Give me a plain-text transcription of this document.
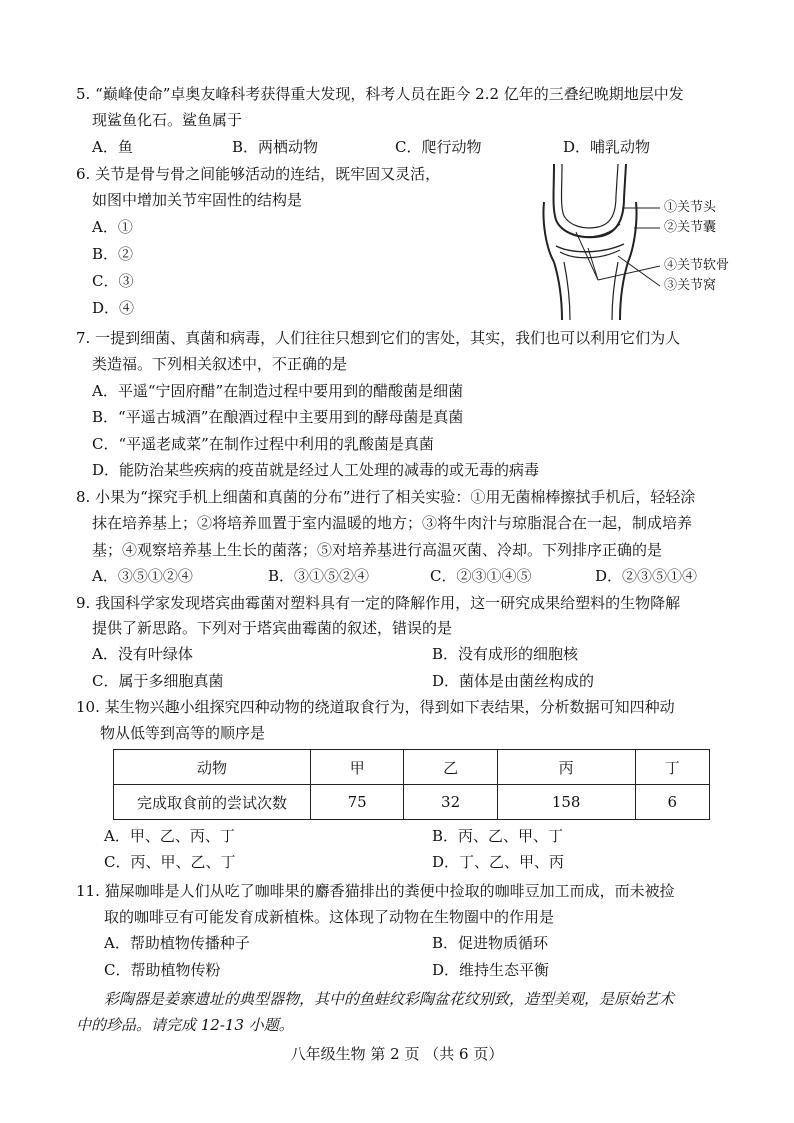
5. “巅峰使命”卓奥友峰科考获得重大发现，科考人员在距今 2.2 亿年的三叠纪晚期地层中发
现鲨鱼化石。鲨鱼属于
A．鱼	B．两栖动物	C．爬行动物	D．哺乳动物
6. 关节是骨与骨之间能够活动的连结，既牢固又灵活，
如图中增加关节牢固性的结构是
A．①
B．②
C．③
D．④
①关节头
②关节囊
④关节软骨
③关节窝
7. 一提到细菌、真菌和病毒，人们往往只想到它们的害处，其实，我们也可以利用它们为人
类造福。下列相关叙述中，不正确的是
A．平遥“宁固府醋”在制造过程中要用到的醋酸菌是细菌
B．“平遥古城酒”在酿酒过程中主要用到的酵母菌是真菌
C．“平遥老咸菜”在制作过程中利用的乳酸菌是真菌
D．能防治某些疾病的疫苗就是经过人工处理的减毒的或无毒的病毒
8. 小果为“探究手机上细菌和真菌的分布”进行了相关实验：①用无菌棉棒擦拭手机后，轻轻涂
抹在培养基上；②将培养皿置于室内温暖的地方；③将牛肉汁与琼脂混合在一起，制成培养
基；④观察培养基上生长的菌落；⑤对培养基进行高温灭菌、冷却。下列排序正确的是
A．③⑤①②④	B．③①⑤②④	C．②③①④⑤	D．②③⑤①④
9. 我国科学家发现塔宾曲霉菌对塑料具有一定的降解作用，这一研究成果给塑料的生物降解
提供了新思路。下列对于塔宾曲霉菌的叙述，错误的是
A．没有叶绿体	B．没有成形的细胞核
C．属于多细胞真菌	D．菌体是由菌丝构成的
10. 某生物兴趣小组探究四种动物的绕道取食行为，得到如下表结果，分析数据可知四种动
物从低等到高等的顺序是
动物	甲	乙	丙	丁
完成取食前的尝试次数	75	32	158	6
A．甲、乙、丙、丁	B．丙、乙、甲、丁
C．丙、甲、乙、丁	D．丁、乙、甲、丙
11. 猫屎咖啡是人们从吃了咖啡果的麝香猫排出的粪便中捡取的咖啡豆加工而成，而未被捡
取的咖啡豆有可能发育成新植株。这体现了动物在生物圈中的作用是
A．帮助植物传播种子	B．促进物质循环
C．帮助植物传粉	D．维持生态平衡
彩陶器是姜寨遗址的典型器物，其中的鱼蛙纹彩陶盆花纹别致，造型美观，是原始艺术
中的珍品。请完成 12-13 小题。
八年级生物 第 2 页 （共 6 页）
